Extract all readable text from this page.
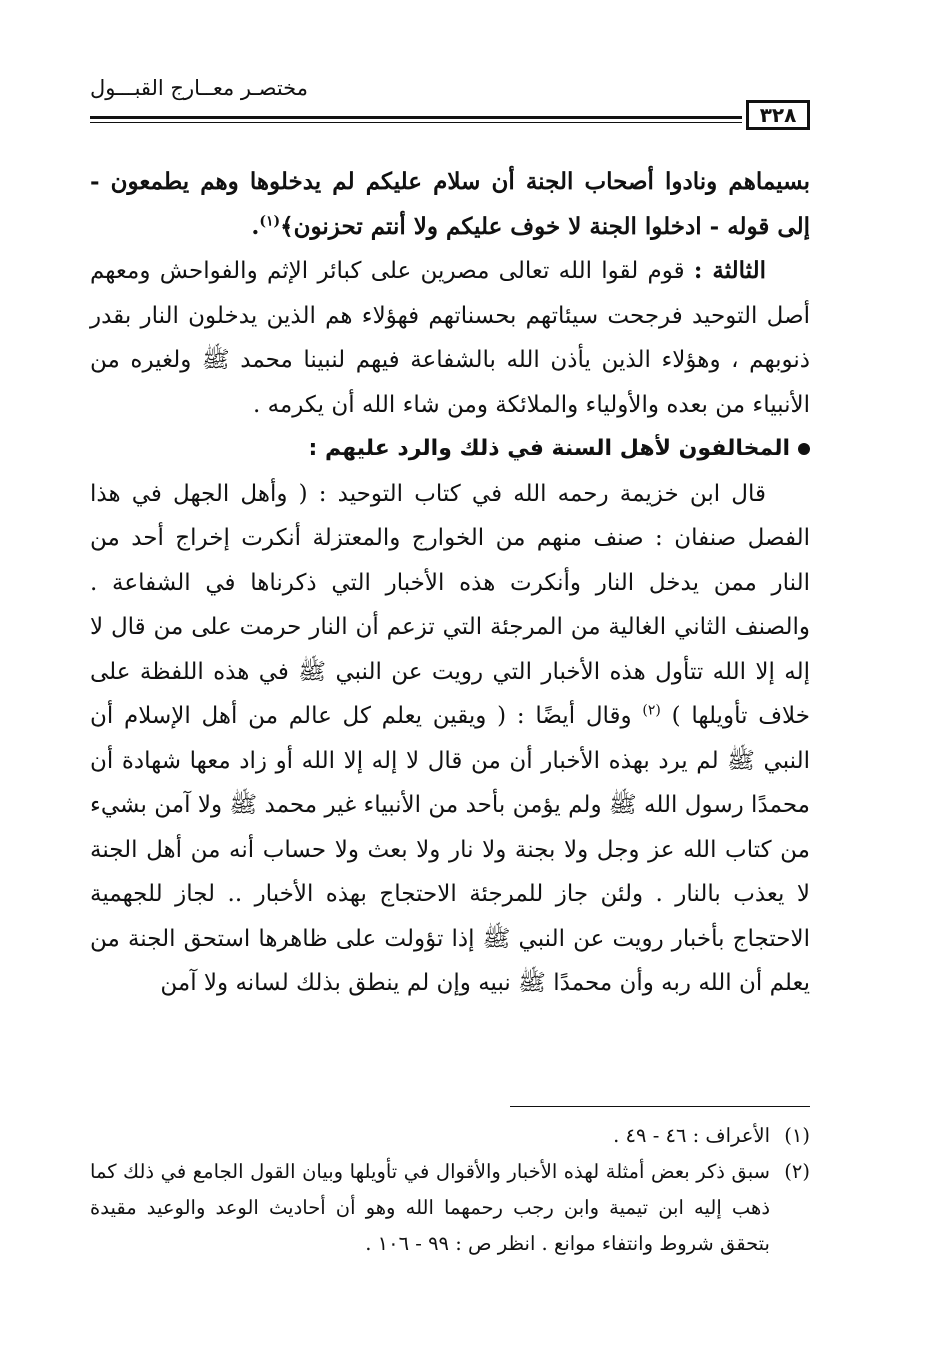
مختصـر معــارج القبـــول
٣٢٨

بسيماهم ونادوا أصحاب الجنة أن سلام عليكم لم يدخلوها وهم يطمعون - إلى قوله - ادخلوا الجنة لا خوف عليكم ولا أنتم تحزنون﴾$^{(١)}$.

الثالثة : قوم لقوا الله تعالى مصرين على كبائر الإثم والفواحش ومعهم أصل التوحيد فرجحت سيئاتهم بحسناتهم فهؤلاء هم الذين يدخلون النار بقدر ذنوبهم ، وهؤلاء الذين يأذن الله بالشفاعة فيهم لنبينا محمد ﷺ ولغيره من الأنبياء من بعده والأولياء والملائكة ومن شاء الله أن يكرمه .

المخالفون لأهل السنة في ذلك والرد عليهم :

قال ابن خزيمة رحمه الله في كتاب التوحيد : ( وأهل الجهل في هذا الفصل صنفان : صنف منهم من الخوارج والمعتزلة أنكرت إخراج أحد من النار ممن يدخل النار وأنكرت هذه الأخبار التي ذكرناها في الشفاعة . والصنف الثاني الغالية من المرجئة التي تزعم أن النار حرمت على من قال لا إله إلا الله تتأول هذه الأخبار التي رويت عن النبي ﷺ في هذه اللفظة على خلاف تأويلها ) $^{(٢)}$ وقال أيضًا : ( ويقين يعلم كل عالم من أهل الإسلام أن النبي ﷺ لم يرد بهذه الأخبار أن من قال لا إله إلا الله أو زاد معها شهادة أن محمدًا رسول الله ﷺ ولم يؤمن بأحد من الأنبياء غير محمد ﷺ ولا آمن بشيء من كتاب الله عز وجل ولا بجنة ولا نار ولا بعث ولا حساب أنه من أهل الجنة لا يعذب بالنار . ولئن جاز للمرجئة الاحتجاج بهذه الأخبار .. لجاز للجهمية الاحتجاج بأخبار رويت عن النبي ﷺ إذا تؤولت على ظاهرها استحق الجنة من يعلم أن الله ربه وأن محمدًا ﷺ نبيه وإن لم ينطق بذلك لسانه ولا آمن

(١)
الأعراف : ٤٦ - ٤٩ .
(٢)
سبق ذكر بعض أمثلة لهذه الأخبار والأقوال في تأويلها وبيان القول الجامع في ذلك كما ذهب إليه ابن تيمية وابن رجب رحمهما الله وهو أن أحاديث الوعد والوعيد مقيدة بتحقق شروط وانتفاء موانع . انظر ص : ٩٩ - ١٠٦ .
